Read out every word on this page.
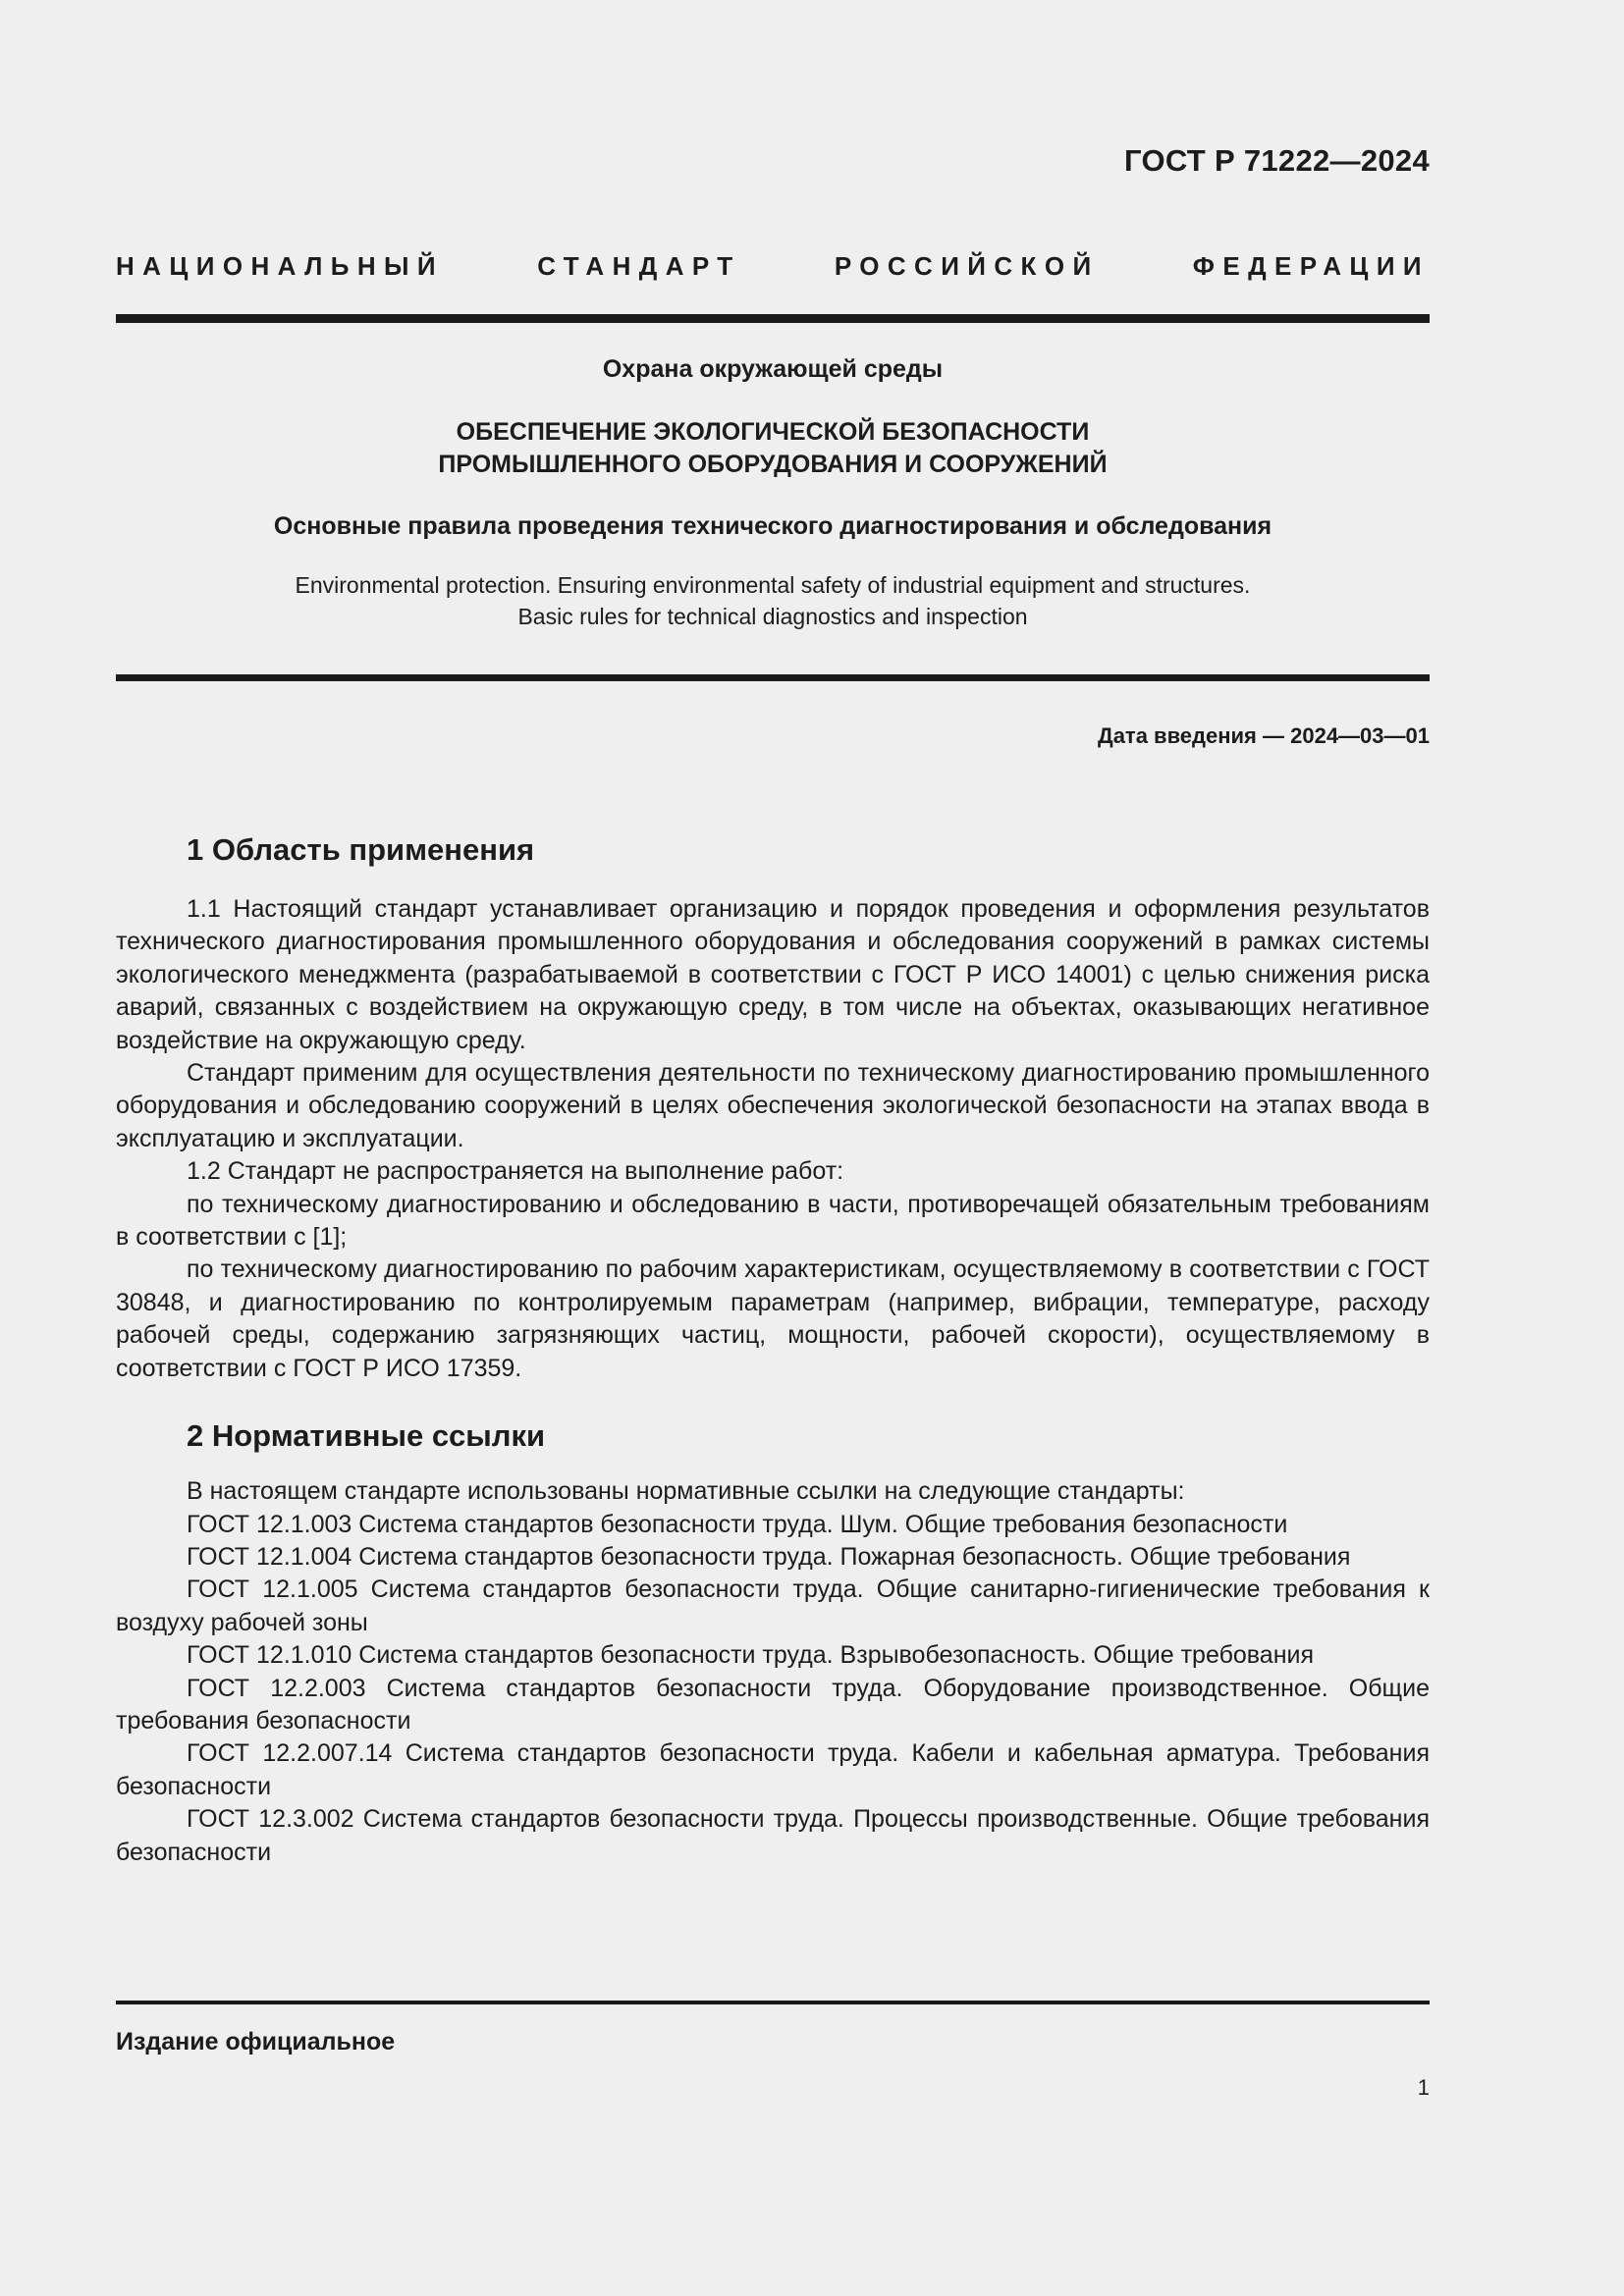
ГОСТ Р 71222—2024
НАЦИОНАЛЬНЫЙ СТАНДАРТ РОССИЙСКОЙ ФЕДЕРАЦИИ
Охрана окружающей среды
ОБЕСПЕЧЕНИЕ ЭКОЛОГИЧЕСКОЙ БЕЗОПАСНОСТИ
ПРОМЫШЛЕННОГО ОБОРУДОВАНИЯ И СООРУЖЕНИЙ
Основные правила проведения технического диагностирования и обследования
Environmental protection. Ensuring environmental safety of industrial equipment and structures.
Basic rules for technical diagnostics and inspection
Дата введения — 2024—03—01
1 Область применения

1.1 Настоящий стандарт устанавливает организацию и порядок проведения и оформления результатов технического диагностирования промышленного оборудования и обследования сооружений в рамках системы экологического менеджмента (разрабатываемой в соответствии с ГОСТ Р ИСО 14001) с целью снижения риска аварий, связанных с воздействием на окружающую среду, в том числе на объектах, оказывающих негативное воздействие на окружающую среду.

Стандарт применим для осуществления деятельности по техническому диагностированию промышленного оборудования и обследованию сооружений в целях обеспечения экологической безопасности на этапах ввода в эксплуатацию и эксплуатации.

1.2 Стандарт не распространяется на выполнение работ:

по техническому диагностированию и обследованию в части, противоречащей обязательным требованиям в соответствии с [1];

по техническому диагностированию по рабочим характеристикам, осуществляемому в соответствии с ГОСТ 30848, и диагностированию по контролируемым параметрам (например, вибрации, температуре, расходу рабочей среды, содержанию загрязняющих частиц, мощности, рабочей скорости), осуществляемому в соответствии с ГОСТ Р ИСО 17359.

2 Нормативные ссылки

В настоящем стандарте использованы нормативные ссылки на следующие стандарты:

ГОСТ 12.1.003 Система стандартов безопасности труда. Шум. Общие требования безопасности

ГОСТ 12.1.004 Система стандартов безопасности труда. Пожарная безопасность. Общие требования

ГОСТ 12.1.005 Система стандартов безопасности труда. Общие санитарно-гигиенические требования к воздуху рабочей зоны

ГОСТ 12.1.010 Система стандартов безопасности труда. Взрывобезопасность. Общие требования

ГОСТ 12.2.003 Система стандартов безопасности труда. Оборудование производственное. Общие требования безопасности

ГОСТ 12.2.007.14 Система стандартов безопасности труда. Кабели и кабельная арматура. Требования безопасности

ГОСТ 12.3.002 Система стандартов безопасности труда. Процессы производственные. Общие требования безопасности

Издание официальное
1
